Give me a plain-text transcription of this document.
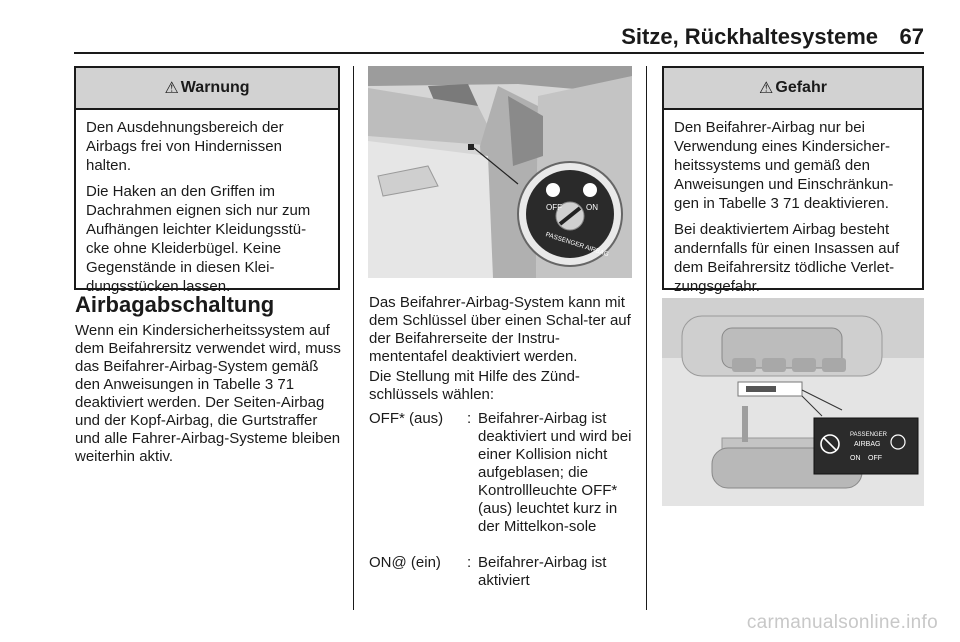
Sitze, Rückhaltesysteme 67
⚠ Warnung

Den Ausdehnungsbereich der Airbags frei von Hindernissen halten.

Die Haken an den Griffen im Dachrahmen eignen sich nur zum Aufhängen leichter Kleidungsstü-cke ohne Kleiderbügel. Keine Gegenstände in diesen Klei-dungsstücken lassen.

Airbagabschaltung
Wenn ein Kindersicherheitssystem auf dem Beifahrersitz verwendet wird, muss das Beifahrer-Airbag-System gemäß den Anweisungen in Tabelle 3 71 deaktiviert werden. Der Seiten-Airbag und der Kopf-Airbag, die Gurtstraffer und alle Fahrer-Airbag-Systeme bleiben weiterhin aktiv.
OFF	ON
PASSENGER AIRBAG
Das Beifahrer-Airbag-System kann mit dem Schlüssel über einen Schal-ter auf der Beifahrerseite der Instru-mententafel deaktiviert werden.
Die Stellung mit Hilfe des Zünd-schlüssels wählen:
OFF* (aus) : Beifahrer-Airbag ist deaktiviert und wird bei einer Kollision nicht aufgeblasen; die Kontrollleuchte OFF* (aus) leuchtet kurz in der Mittelkon-sole
ON@ (ein) : Beifahrer-Airbag ist aktiviert
⚠ Gefahr

Den Beifahrer-Airbag nur bei Verwendung eines Kindersicher-heitssystems und gemäß den Anweisungen und Einschränkun-gen in Tabelle 3 71 deaktivieren.

Bei deaktiviertem Airbag besteht andernfalls für einen Insassen auf dem Beifahrersitz tödliche Verlet-zungsgefahr.

PASSENGER
AIRBAG
ON OFF
carmanualsonline.info
